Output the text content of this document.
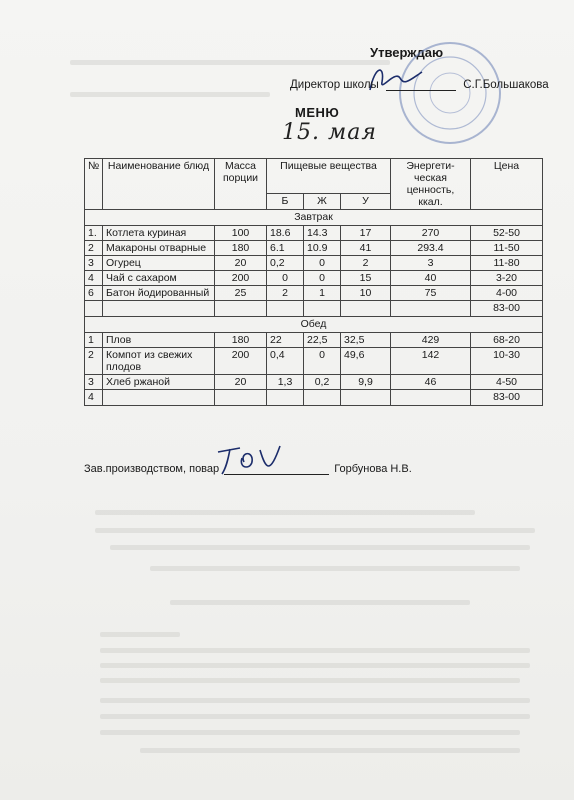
Утверждаю
Директор школы	С.Г.Большакова
МЕНЮ
15. мая
№	Наименование блюд	Масса порции	Пищевые вещества			Энергети-ческая ценность, ккал.	Цена
			Б	Ж	У		
Завтрак							
1.	Котлета куриная	100	18.6	14.3	17	270	52-50
2	Макароны отварные	180	6.1	10.9	41	293.4	11-50
3	Огурец	20	0,2	0	2	3	11-80
4	Чай с сахаром	200	0	0	15	40	3-20
6	Батон йодированный	25	2	1	10	75	4-00
							83-00
Обед							
1	Плов	180	22	22,5	32,5	429	68-20
2	Компот из свежих плодов	200	0,4	0	49,6	142	10-30
3	Хлеб ржаной	20	1,3	0,2	9,9	46	4-50
4							83-00
Зав.производством, повар	Горбунова Н.В.
